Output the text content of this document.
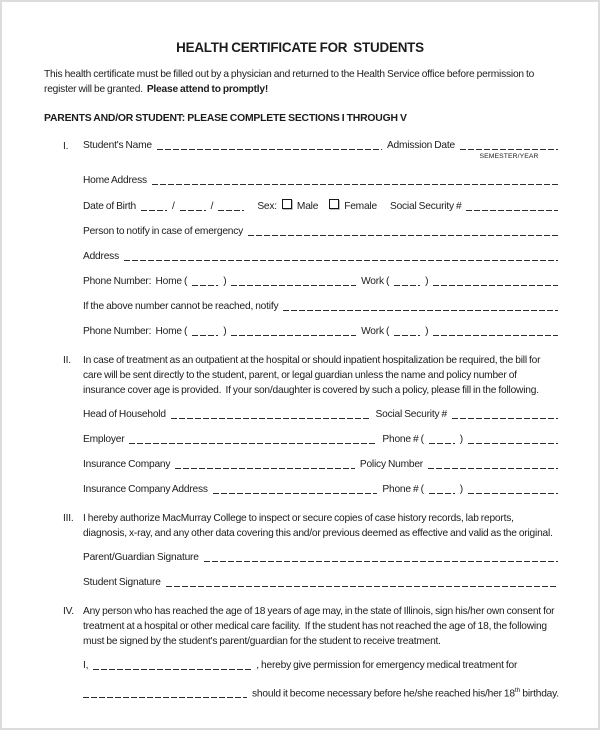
HEALTH CERTIFICATE FOR  STUDENTS

This health certificate must be filled out by a physician and returned to the Health Service office before permission to register will be granted. Please attend to promptly!

PARENTS AND/OR STUDENT: PLEASE COMPLETE SECTIONS I THROUGH V
I.	Student's Name	Admission Date
SEMESTER/YEAR
Home Address
Date of Birth	/	/	Sex: Male	Female Social Security #
Person to notify in case of emergency
Address
Phone Number:  Home (	)	Work (	)
If the above number cannot be reached, notify
Phone Number:  Home (	)	Work (	)
II.	In case of treatment as an outpatient at the hospital or should inpatient hospitalization be required, the bill for care will be sent directly to the student, parent, or legal guardian unless the name and policy number of insurance cover age is provided.  If your son/daughter is covered by such a policy, please fill in the following.

Head of Household	Social Security #
Employer	Phone # (	)
Insurance Company	Policy Number
Insurance Company Address	Phone # (	)
III. I hereby authorize MacMurray College to inspect or secure copies of case history records, lab reports, diagnosis, x-ray, and any other data covering this and/or previous deemed as effective and valid as the original.

Parent/Guardian Signature
Student Signature
IV. Any person who has reached the age of 18 years of age may, in the state of Illinois, sign his/her own consent for treatment at a hospital or other medical care facility.  If the student has not reached the age of 18, the following must be signed by the student's parent/guardian for the student to receive treatment.

I,	, hereby give permission for emergency medical treatment for
should it become necessary before he/she reached his/her 18th birthday.
